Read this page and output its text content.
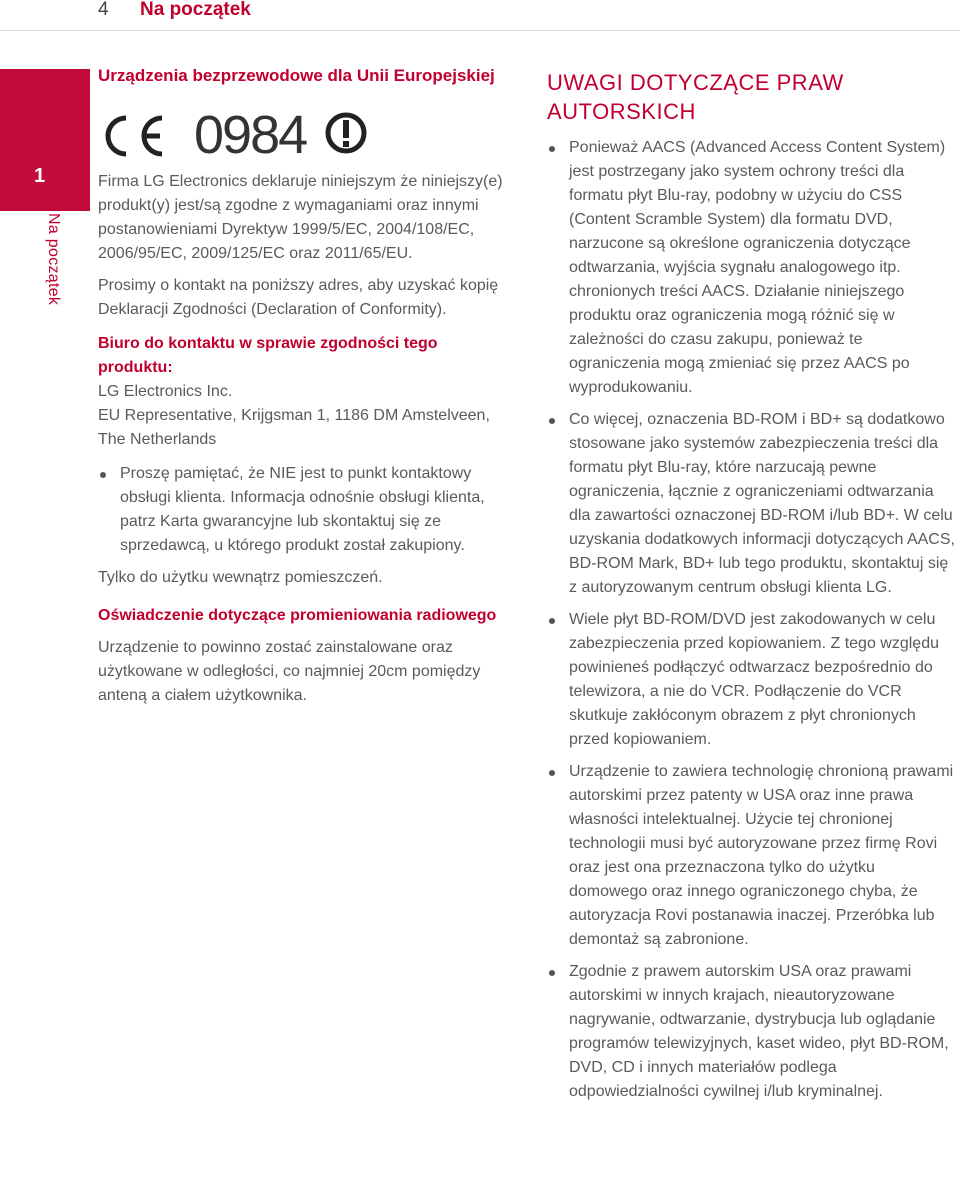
4 Na początek
1
Na początek
Urządzenia bezprzewodowe dla Unii Europejskiej
0984

Firma LG Electronics deklaruje niniejszym że niniejszy(e) produkt(y) jest/są zgodne z wymaganiami oraz innymi postanowieniami Dyrektyw 1999/5/EC, 2004/108/EC, 2006/95/EC, 2009/125/EC oraz 2011/65/EU.

Prosimy o kontakt na poniższy adres, aby uzyskać kopię Deklaracji Zgodności (Declaration of Conformity).

Biuro do kontaktu w sprawie zgodności tego produktu:

LG Electronics Inc.

EU Representative, Krijgsman 1, 1186 DM Amstelveen, The Netherlands

Proszę pamiętać, że NIE jest to punkt kontaktowy obsługi klienta. Informacja odnośnie obsługi klienta, patrz Karta gwarancyjne lub skontaktuj się ze sprzedawcą, u którego produkt został zakupiony.

Tylko do użytku wewnątrz pomieszczeń.

Oświadczenie dotyczące promieniowania radiowego

Urządzenie to powinno zostać zainstalowane oraz użytkowane w odległości, co najmniej 20cm pomiędzy anteną a ciałem użytkownika.

UWAGI DOTYCZĄCE PRAW AUTORSKICH
Ponieważ AACS (Advanced Access Content System) jest postrzegany jako system ochrony treści dla formatu płyt Blu-ray, podobny w użyciu do CSS (Content Scramble System) dla formatu DVD, narzucone są określone ograniczenia dotyczące odtwarzania, wyjścia sygnału analogowego itp. chronionych treści AACS. Działanie niniejszego produktu oraz ograniczenia mogą różnić się w zależności do czasu zakupu, ponieważ te ograniczenia mogą zmieniać się przez AACS po wyprodukowaniu.
Co więcej, oznaczenia BD-ROM i BD+ są dodatkowo stosowane jako systemów zabezpieczenia treści dla formatu płyt Blu-ray, które narzucają pewne ograniczenia, łącznie z ograniczeniami odtwarzania dla zawartości oznaczonej BD-ROM i/lub BD+. W celu uzyskania dodatkowych informacji dotyczących AACS, BD-ROM Mark, BD+ lub tego produktu, skontaktuj się z autoryzowanym centrum obsługi klienta LG.
Wiele płyt BD-ROM/DVD jest zakodowanych w celu zabezpieczenia przed kopiowaniem. Z tego względu powinieneś podłączyć odtwarzacz bezpośrednio do telewizora, a nie do VCR. Podłączenie do VCR skutkuje zakłóconym obrazem z płyt chronionych przed kopiowaniem.
Urządzenie to zawiera technologię chronioną prawami autorskimi przez patenty w USA oraz inne prawa własności intelektualnej. Użycie tej chronionej technologii musi być autoryzowane przez firmę Rovi oraz jest ona przeznaczona tylko do użytku domowego oraz innego ograniczonego chyba, że autoryzacja Rovi postanawia inaczej. Przeróbka lub demontaż są zabronione.
Zgodnie z prawem autorskim USA oraz prawami autorskimi w innych krajach, nieautoryzowane nagrywanie, odtwarzanie, dystrybucja lub oglądanie programów telewizyjnych, kaset wideo, płyt BD-ROM, DVD, CD i innych materiałów podlega odpowiedzialności cywilnej i/lub kryminalnej.
